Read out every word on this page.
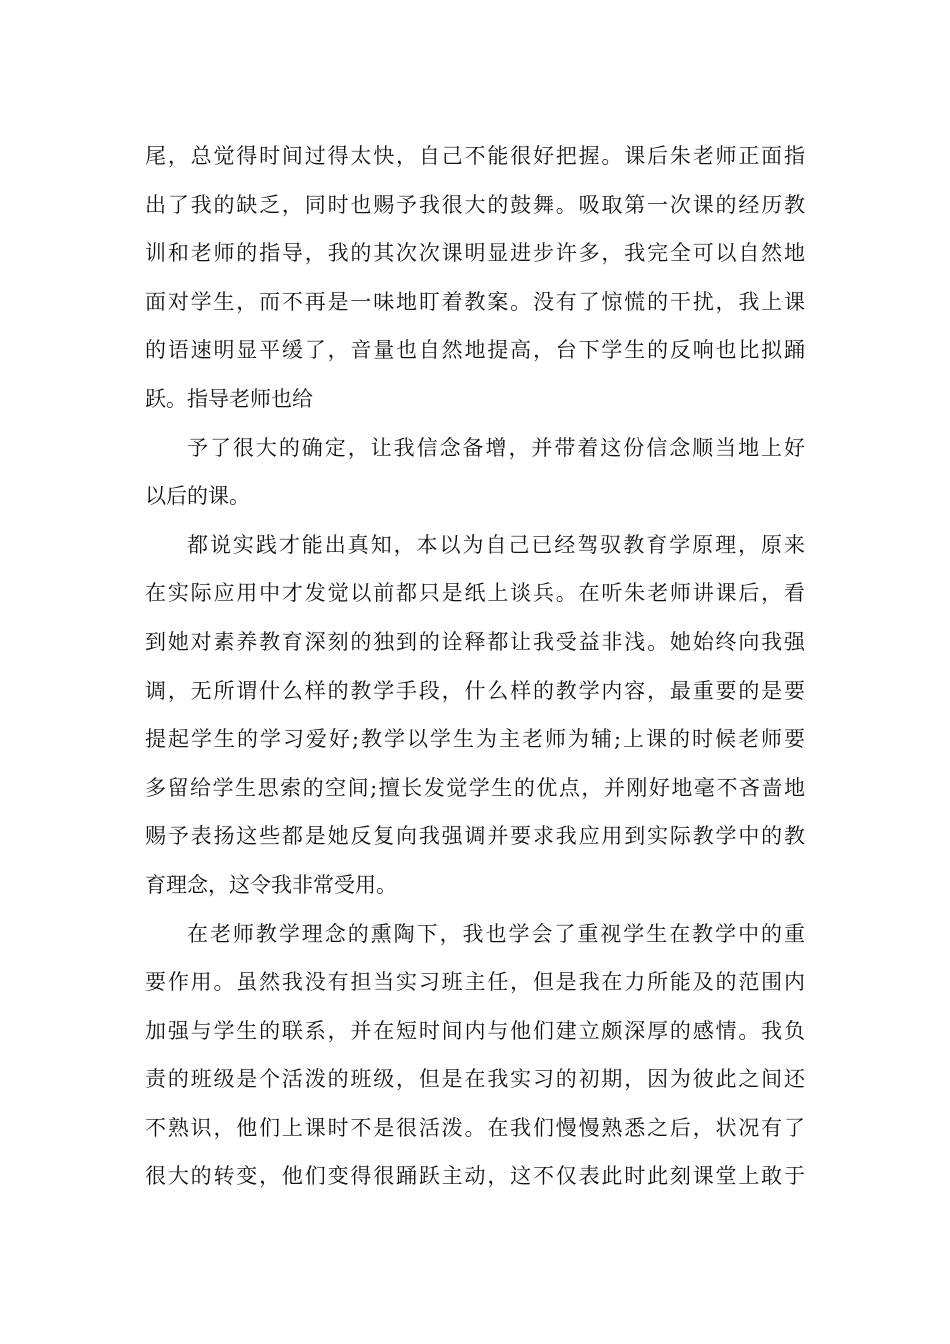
尾，总觉得时间过得太快，自己不能很好把握。课后朱老师正面指
出了我的缺乏，同时也赐予我很大的鼓舞。吸取第一次课的经历教
训和老师的指导，我的其次次课明显进步许多，我完全可以自然地
面对学生，而不再是一味地盯着教案。没有了惊慌的干扰，我上课
的语速明显平缓了，音量也自然地提高，台下学生的反响也比拟踊
跃。指导老师也给
予了很大的确定，让我信念备增，并带着这份信念顺当地上好
以后的课。
都说实践才能出真知，本以为自己已经驾驭教育学原理，原来
在实际应用中才发觉以前都只是纸上谈兵。在听朱老师讲课后，看
到她对素养教育深刻的独到的诠释都让我受益非浅。她始终向我强
调，无所谓什么样的教学手段，什么样的教学内容，最重要的是要
提起学生的学习爱好;教学以学生为主老师为辅;上课的时候老师要
多留给学生思索的空间;擅长发觉学生的优点，并刚好地毫不吝啬地
赐予表扬这些都是她反复向我强调并要求我应用到实际教学中的教
育理念，这令我非常受用。
在老师教学理念的熏陶下，我也学会了重视学生在教学中的重
要作用。虽然我没有担当实习班主任，但是我在力所能及的范围内
加强与学生的联系，并在短时间内与他们建立颇深厚的感情。我负
责的班级是个活泼的班级，但是在我实习的初期，因为彼此之间还
不熟识，他们上课时不是很活泼。在我们慢慢熟悉之后，状况有了
很大的转变，他们变得很踊跃主动，这不仅表此时此刻课堂上敢于
